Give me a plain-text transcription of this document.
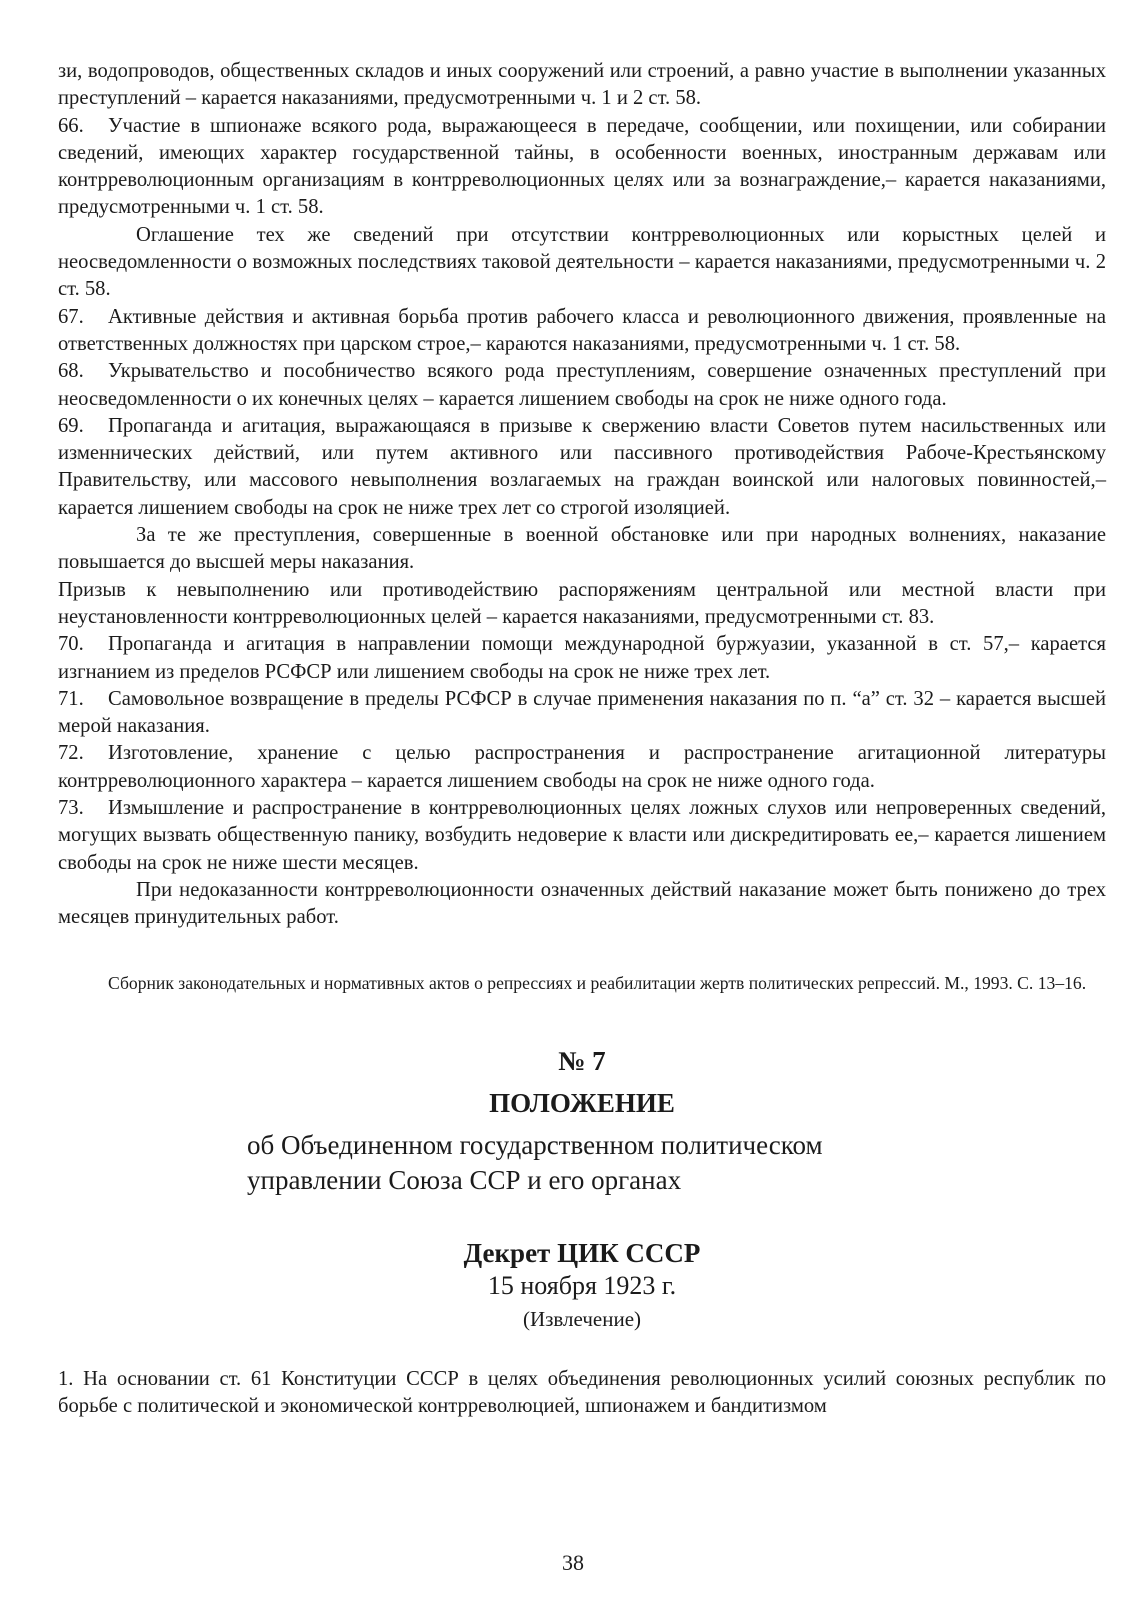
зи, водопроводов, общественных складов и иных сооружений или строений, а равно участие в выполнении указанных преступлений – карается наказаниями, предусмотренными ч. 1 и 2 ст. 58.

66. Участие в шпионаже всякого рода, выражающееся в передаче, сообщении, или похищении, или собирании сведений, имеющих характер государственной тайны, в особенности военных, иностранным державам или контрреволюционным организациям в контрреволюционных целях или за вознаграждение,– карается наказаниями, предусмотренными ч. 1 ст. 58.

Оглашение тех же сведений при отсутствии контрреволюционных или корыстных целей и неосведомленности о возможных последствиях таковой деятельности – карается наказаниями, предусмотренными ч. 2 ст. 58.

67. Активные действия и активная борьба против рабочего класса и революционного движения, проявленные на ответственных должностях при царском строе,– караются наказаниями, предусмотренными ч. 1 ст. 58.

68. Укрывательство и пособничество всякого рода преступлениям, совершение означенных преступлений при неосведомленности о их конечных целях – карается лишением свободы на срок не ниже одного года.

69. Пропаганда и агитация, выражающаяся в призыве к свержению власти Советов путем насильственных или изменнических действий, или путем активного или пассивного противодействия Рабоче-Крестьянскому Правительству, или массового невыполнения возлагаемых на граждан воинской или налоговых повинностей,– карается лишением свободы на срок не ниже трех лет со строгой изоляцией.

За те же преступления, совершенные в военной обстановке или при народных волнениях, наказание повышается до высшей меры наказания.

Призыв к невыполнению или противодействию распоряжениям центральной или местной власти при неустановленности контрреволюционных целей – карается наказаниями, предусмотренными ст. 83.

70. Пропаганда и агитация в направлении помощи международной буржуазии, указанной в ст. 57,– карается изгнанием из пределов РСФСР или лишением свободы на срок не ниже трех лет.

71. Самовольное возвращение в пределы РСФСР в случае применения наказания по п. “а” ст. 32 – карается высшей мерой наказания.

72. Изготовление, хранение с целью распространения и распространение агитационной литературы контрреволюционного характера – карается лишением свободы на срок не ниже одного года.

73. Измышление и распространение в контрреволюционных целях ложных слухов или непроверенных сведений, могущих вызвать общественную панику, возбудить недоверие к власти или дискредитировать ее,– карается лишением свободы на срок не ниже шести месяцев.

При недоказанности контрреволюционности означенных действий наказание может быть понижено до трех месяцев принудительных работ.

Сборник законодательных и нормативных актов о репрессиях и реабилитации жертв политических репрессий. М., 1993. С. 13–16.

№ 7
ПОЛОЖЕНИЕ
об Объединенном государственном политическом управлении Союза ССР и его органах
Декрет ЦИК СССР
15 ноября 1923 г.
(Извлечение)

1. На основании ст. 61 Конституции СССР в целях объединения революционных усилий союзных республик по борьбе с политической и экономической контрреволюцией, шпионажем и бандитизмом

38
